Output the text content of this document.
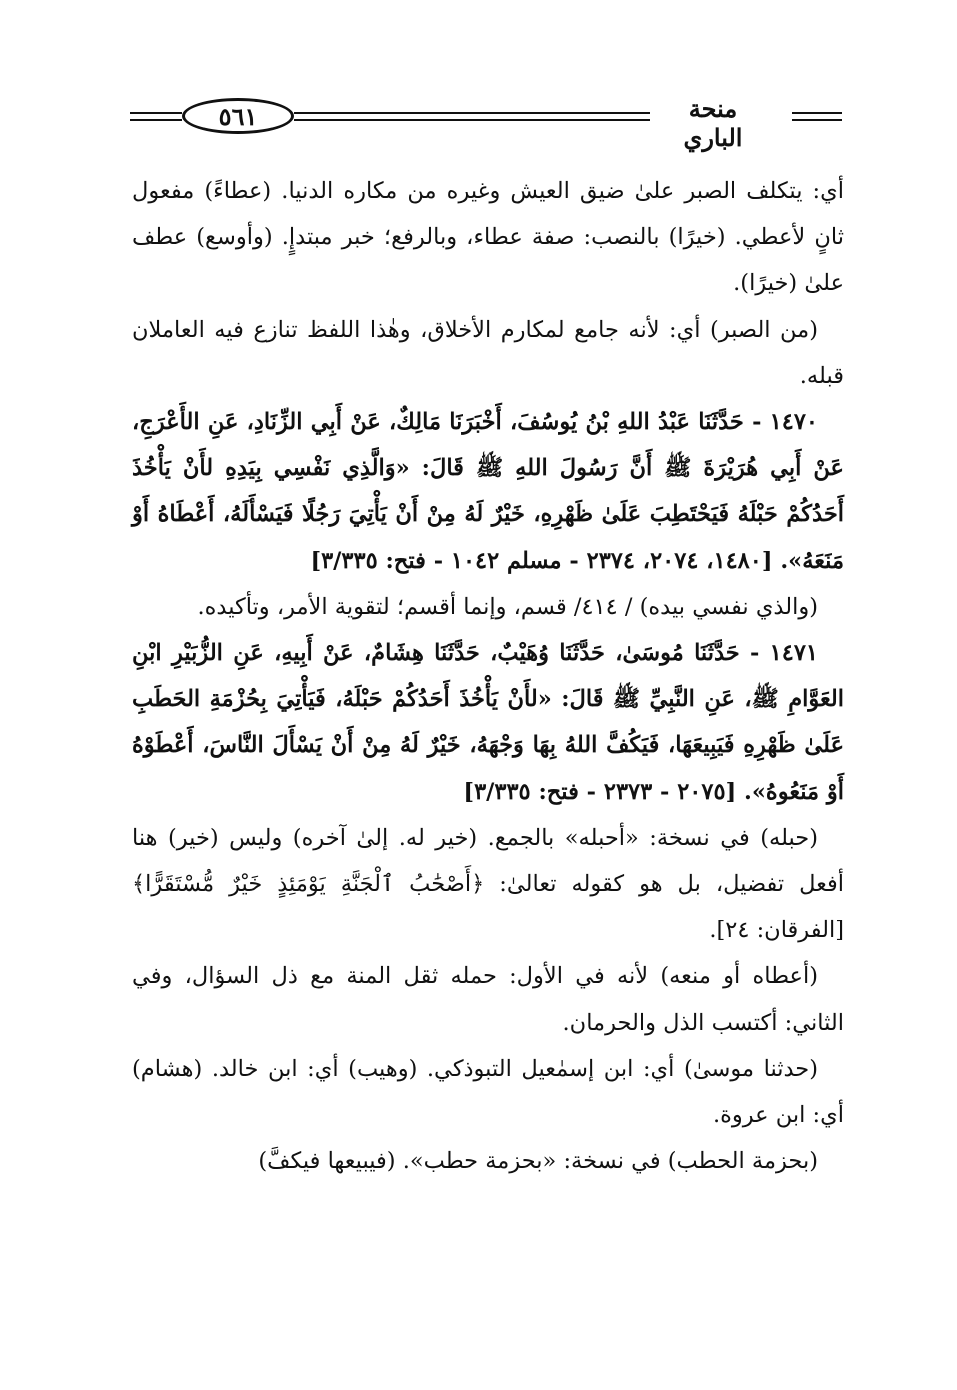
٥٦١	منحة الباري

أي: يتكلف الصبر علىٰ ضيق العيش وغيره من مكاره الدنيا. (عطاءً) مفعول ثانٍ لأعطي. (خيرًا) بالنصب: صفة عطاء، وبالرفع؛ خبر مبتدإٍ. (وأوسع) عطف علىٰ (خيرًا).

(من الصبر) أي: لأنه جامع لمكارم الأخلاق، وهٰذا اللفظ تنازع فيه العاملان قبله.

١٤٧٠ - حَدَّثَنَا عَبْدُ اللهِ بْنُ يُوسُفَ، أَخْبَرَنَا مَالِكٌ، عَنْ أَبِي الزِّنَادِ، عَنِ الأَعْرَجِ، عَنْ أَبِي هُرَيْرَةَ ﷺ أَنَّ رَسُولَ اللهِ ﷺ قَالَ: «وَالَّذِي نَفْسِي بِيَدِهِ لأَنْ يَأْخُذَ أَحَدُكُمْ حَبْلَهُ فَيَحْتَطِبَ عَلَىٰ ظَهْرِهِ، خَيْرٌ لَهُ مِنْ أَنْ يَأْتِيَ رَجُلًا فَيَسْأَلَهُ، أَعْطَاهُ أَوْ مَنَعَهُ». [١٤٨٠، ٢٠٧٤، ٢٣٧٤ - مسلم ١٠٤٢ - فتح: ٣/٣٣٥]

(والذي نفسي بيده) / ٤١٤/ قسم، وإنما أقسم؛ لتقوية الأمر، وتأكيده.

١٤٧١ - حَدَّثَنَا مُوسَىٰ، حَدَّثَنَا وُهَيْبٌ، حَدَّثَنَا هِشَامٌ، عَنْ أَبِيهِ، عَنِ الزُّبَيْرِ ابْنِ العَوَّامِ ﷺ، عَنِ النَّبِيِّ ﷺ قَالَ: «لأَنْ يَأْخُذَ أَحَدُكُمْ حَبْلَهُ، فَيَأْتِيَ بِحُزْمَةِ الحَطَبِ عَلَىٰ ظَهْرِهِ فَيَبِيعَهَا، فَيَكُفَّ اللهُ بِهَا وَجْهَهُ، خَيْرٌ لَهُ مِنْ أَنْ يَسْأَلَ النَّاسَ، أَعْطَوْهُ أَوْ مَنَعُوهُ». [٢٠٧٥ - ٢٣٧٣ - فتح: ٣/٣٣٥]

(حبله) في نسخة: «أحبله» بالجمع. (خير له. إلىٰ آخره) وليس (خير) هنا أفعل تفضيل، بل هو كقوله تعالىٰ: ﴿أَصْحَٰبُ ٱلْجَنَّةِ يَوْمَئِذٍ خَيْرٌ مُّسْتَقَرًّا﴾ [الفرقان: ٢٤].

(أعطاه أو منعه) لأنه في الأول: حمله ثقل المنة مع ذل السؤال، وفي الثاني: أكتسب الذل والحرمان.

(حدثنا موسىٰ) أي: ابن إسمٰعيل التبوذكي. (وهيب) أي: ابن خالد. (هشام) أي: ابن عروة.

(بحزمة الحطب) في نسخة: «بحزمة حطب». (فيبيعها فيكفَّ)
